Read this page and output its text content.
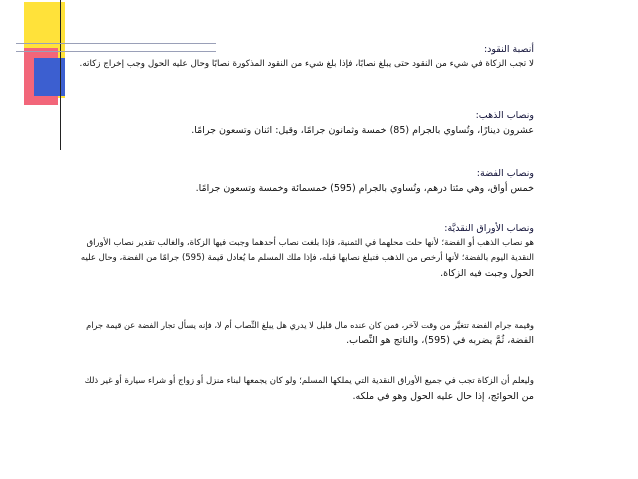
أنصبة النقود:
لا تجب الزكاة في شيء من النقود حتى يبلغ نصابًا، فإذا بلغ شيء من النقود المذكورة نصابًا وحال عليه الحول وجب إخراج زكاته.
ونصاب الذهب:
عشرون دينارًا، وتُساوي بالجرام (85) خمسة وثمانون جرامًا، وقيل: اثنان وتسعون جرامًا.
ونصاب الفضة:
خمس أواق، وهي مئتا درهم، وتُساوي بالجرام (595) خمسمائة وخمسة وتسعون جرامًا.
ونصاب الأوراق النقديَّة:
هو نصاب الذهب أو الفضة؛ لأنها حلت محلهما في الثمنية، فإذا بلغت نصاب أحدهما وجبت فيها الزكاة، والغالب تقدير نصاب الأوراق
النقدية اليوم بالفضة؛ لأنها أرخص من الذهب فتبلغ نصابها قبله، فإذا ملك المسلم ما يُعادل قيمة (595) جرامًا من الفضة، وحال عليه
الحول وجبت فيه الزكاة.
وقيمة جرام الفضة تتغيَّر من وقت لآخر، فمن كان عنده مال قليل لا يدري هل يبلغ النِّصاب أم لا، فإنه يسأل تجار الفضة عن قيمة جرام
الفضة، ثُمَّ يضربه في (595)، والناتج هو النِّصاب.
وليعلم أن الزكاة تجب في جميع الأوراق النقدية التي يملكها المسلم؛ ولو كان يجمعها لبناء منزل أو زواج أو شراء سيارة أو غير ذلك
من الحوائج، إذا حال عليه الحول وهو في ملكه.
